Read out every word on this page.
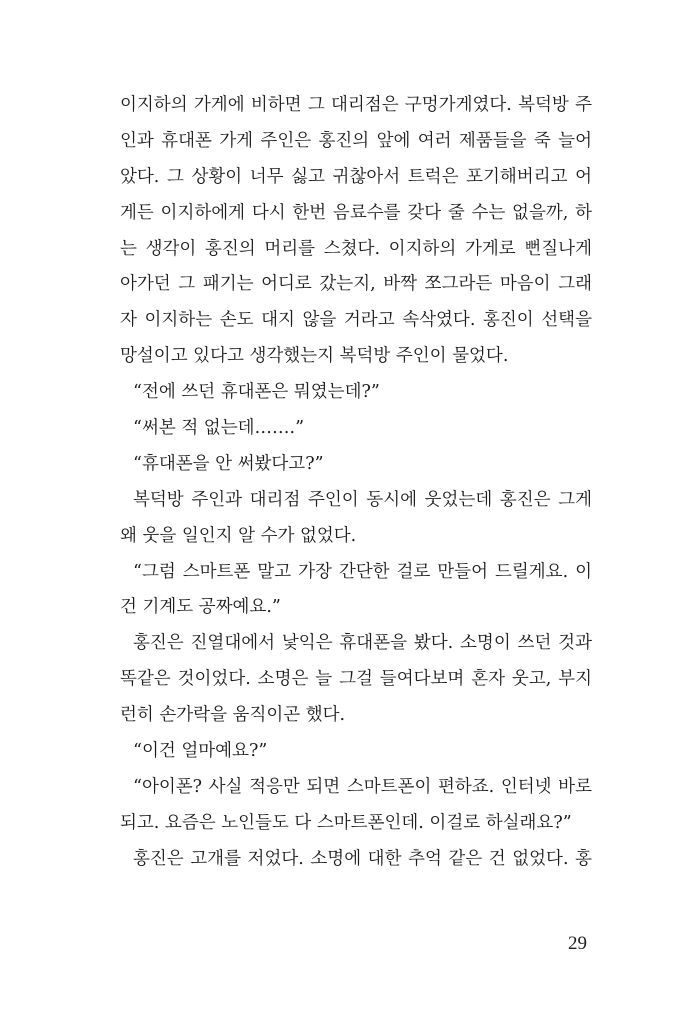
이지하의 가게에 비하면 그 대리점은 구멍가게였다. 복덕방 주
인과 휴대폰 가게 주인은 홍진의 앞에 여러 제품들을 죽 늘어
았다. 그 상황이 너무 싫고 귀찮아서 트럭은 포기해버리고 어
게든 이지하에게 다시 한번 음료수를 갖다 줄 수는 없을까, 하
는 생각이 홍진의 머리를 스쳤다. 이지하의 가게로 뻔질나게
아가던 그 패기는 어디로 갔는지, 바짝 쪼그라든 마음이 그래
자 이지하는 손도 대지 않을 거라고 속삭였다. 홍진이 선택을
망설이고 있다고 생각했는지 복덕방 주인이 물었다.
“전에 쓰던 휴대폰은 뭐였는데?”
“써본 적 없는데…….”
“휴대폰을 안 써봤다고?”
복덕방 주인과 대리점 주인이 동시에 웃었는데 홍진은 그게
왜 웃을 일인지 알 수가 없었다.
“그럼 스마트폰 말고 가장 간단한 걸로 만들어 드릴게요. 이
건 기계도 공짜예요.”
홍진은 진열대에서 낯익은 휴대폰을 봤다. 소명이 쓰던 것과
똑같은 것이었다. 소명은 늘 그걸 들여다보며 혼자 웃고, 부지
런히 손가락을 움직이곤 했다.
“이건 얼마예요?”
“아이폰? 사실 적응만 되면 스마트폰이 편하죠. 인터넷 바로
되고. 요즘은 노인들도 다 스마트폰인데. 이걸로 하실래요?”
홍진은 고개를 저었다. 소명에 대한 추억 같은 건 없었다. 홍
29
